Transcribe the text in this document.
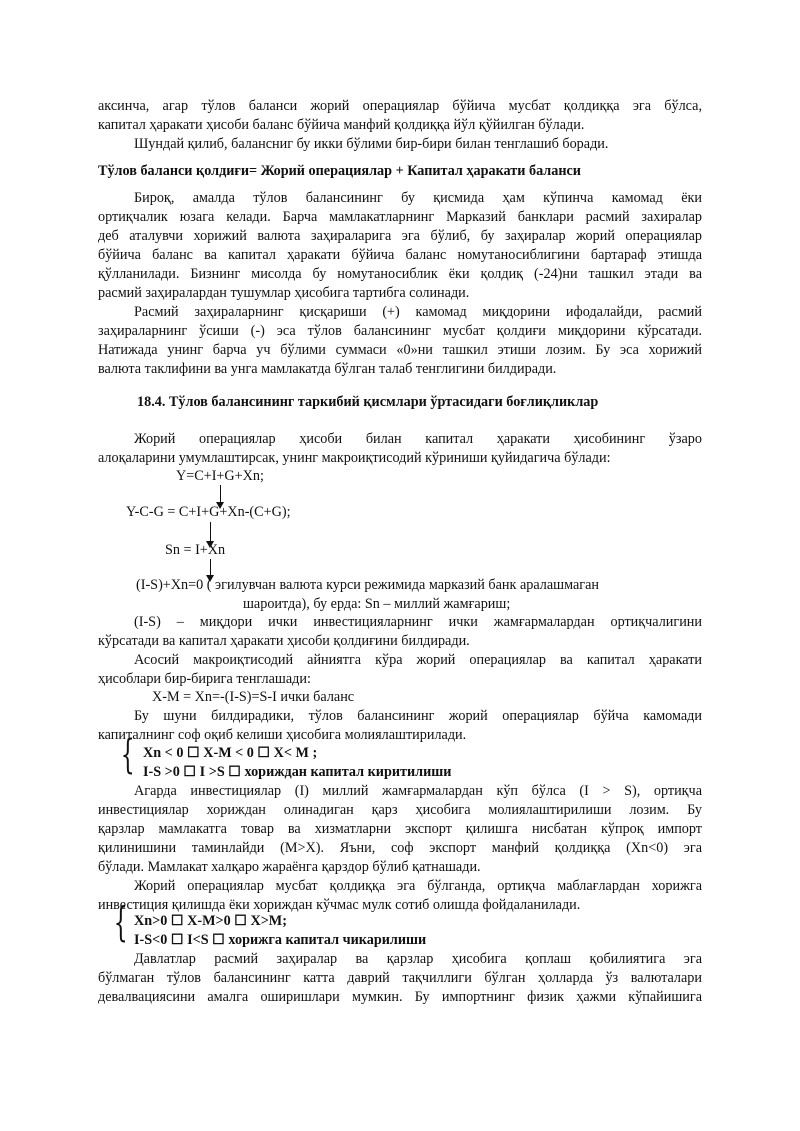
аксинча, агар тўлов баланси жорий операциялар бўйича мусбат қолдиққа эга бўлса,
капитал ҳаракати ҳисоби баланс бўйича манфий қолдиққа йўл қўйилган бўлади.
Шундай қилиб, балансниг бу икки бўлими бир-бири билан тенглашиб боради.
Тўлов баланси қолдиғи= Жорий операциялар + Капитал ҳаракати баланси
Бироқ, амалда тўлов балансининг бу қисмида ҳам кўпинча камомад ёки
ортиқчалик юзага келади. Барча мамлакатларнинг Марказий банклари расмий захиралар
деб аталувчи хорижий валюта заҳираларига эга бўлиб, бу заҳиралар жорий операциялар
бўйича баланс ва капитал ҳаракати бўйича баланс номутаносиблигини бартараф этишда
қўлланилади. Бизнинг мисолда бу номутаносиблик ёки қолдиқ (-24)ни ташкил этади ва
расмий заҳиралардан тушумлар ҳисобига тартибга солинади.
Расмий заҳираларнинг қисқариши (+) камомад миқдорини ифодалайди, расмий
заҳираларнинг ўсиши (-) эса тўлов балансининг мусбат қолдиғи миқдорини кўрсатади.
Натижада унинг барча уч бўлими суммаси «0»ни ташкил этиши лозим. Бу эса хорижий
валюта таклифини ва унга мамлакатда бўлган талаб тенглигини билдиради.
18.4. Тўлов балансининг таркибий қисмлари ўртасидаги боғлиқликлар
Жорий операциялар ҳисоби билан капитал ҳаракати ҳисобининг ўзаро
алоқаларини умумлаштирсак, унинг макроиқтисодий кўриниши қуйидагича бўлади:
Y=C+I+G+Xn;
Y-C-G = C+I+G+Xn-(C+G);
Sn = I+Xn
(I-S)+Xn=0 ( эгилувчан валюта курси режимида марказий банк аралашмаган
шароитда), бу ерда: Sn – миллий жамғариш;
(I-S) – миқдори ички инвестицияларнинг ички жамғармалардан ортиқчалигини
кўрсатади ва капитал ҳаракати ҳисоби қолдиғини билдиради.
Асосий макроиқтисодий айниятга кўра жорий операциялар ва капитал ҳаракати
ҳисоблари бир-бирига тенглашади:
X-M = Xn=-(I-S)=S-I ички баланс
Бу шуни билдирадики, тўлов балансининг жорий операциялар бўйча камомади
капиталнинг соф оқиб келиши ҳисобига молиялаштирилади.
{ Xn < 0 ☐ X-M < 0 ☐ X< M ;
I-S >0 ☐ I >S ☐ хориждан капитал киритилиши
Агарда инвестициялар (I) миллий жамғармалардан кўп бўлса (I > S), ортиқча
инвестициялар хориждан олинадиган қарз ҳисобига молиялаштирилиши лозим. Бу
қарзлар мамлакатга товар ва хизматларни экспорт қилишга нисбатан кўпроқ импорт
қилинишини таминлайди (M>X). Яъни, соф экспорт манфий қолдиққа (Xn<0) эга
бўлади. Мамлакат халқаро жараёнга қарздор бўлиб қатнашади.
Жорий операциялар мусбат қолдиққа эга бўлганда, ортиқча маблағлардан хорижга
инвестиция қилишда ёки хориждан кўчмас мулк сотиб олишда фойдаланилади.
{ Xn>0 ☐ X-M>0 ☐ X>M;
I-S<0 ☐ I<S ☐ хорижга капитал чикарилиши
Давлатлар расмий заҳиралар ва қарзлар ҳисобига қоплаш қобилиятига эга
бўлмаган тўлов балансининг катта даврий тақчиллиги бўлган ҳолларда ўз валюталари
девалвациясини амалга оширишлари мумкин. Бу импортнинг физик ҳажми кўпайишига
